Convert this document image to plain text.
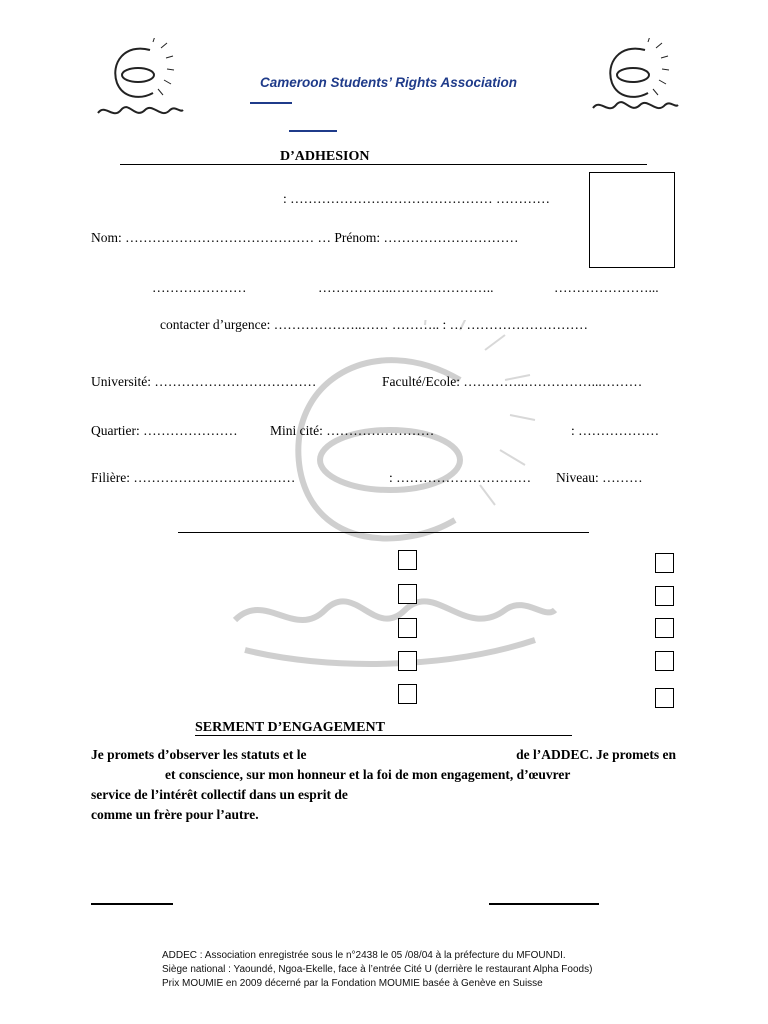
Cameroon Students’ Rights Association
D’ADHESION
: ……………………………………… …………
Nom: …………………………………… … Prénom: …………………………
…………………	……………..…………………..	…………………...
contacter d’urgence: ………………..…… ……….. : … ………………………
Université: ………………………………	Faculté/Ecole: …………..……………...………
Quartier: ………………… Mini cité: ……………………	: ………………
Filière: ………………………………	: ………………………… Niveau: ………
SERMENT D’ENGAGEMENT

Je promets d’observer les statuts et le	de l’ADDEC. Je promets en

et conscience, sur mon honneur et la foi de mon engagement, d’œuvrer

service de l’intérêt collectif dans un esprit de

comme un frère pour l’autre.

ADDEC : Association enregistrée sous le n°2438 le 05 /08/04 à la préfecture du MFOUNDI.
Siège national : Yaoundé, Ngoa-Ekelle, face à l’entrée Cité U (derrière le restaurant Alpha Foods)
Prix MOUMIE en 2009 décerné par la Fondation MOUMIE basée à Genève en Suisse
